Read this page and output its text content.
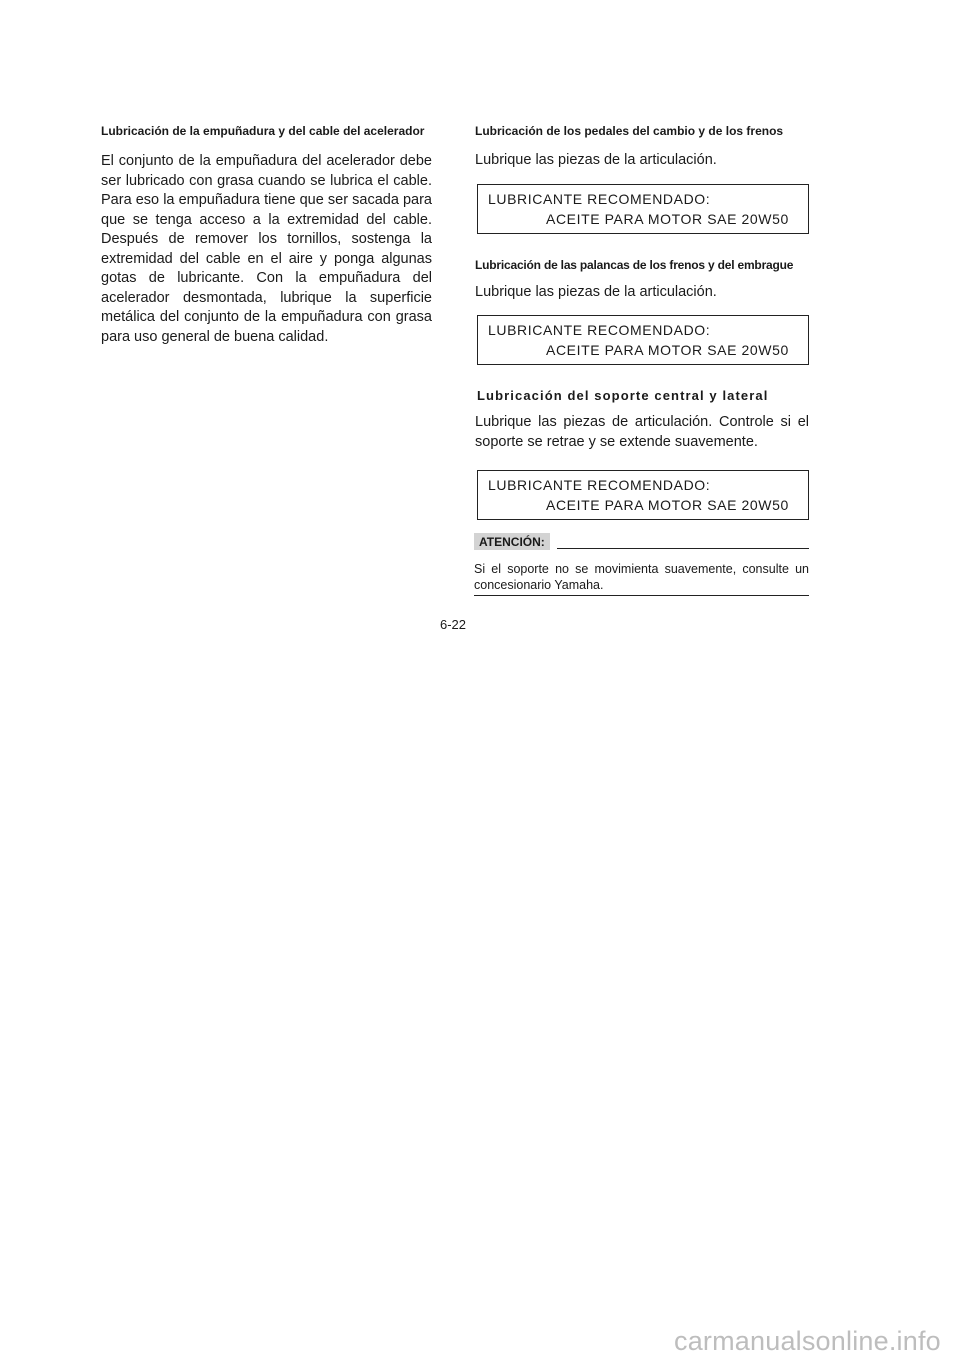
Lubricación de la empuñadura y del cable del acelerador
El conjunto de la empuñadura del acelerador debe ser lubricado con grasa cuando se lubrica el cable. Para eso la empuñadura tiene que ser sacada para que se tenga acceso a la extremidad del cable. Después de remover los tornillos, sostenga la extremidad del cable en el aire y ponga algunas gotas de lubricante. Con la empuñadura del acelerador desmontada, lubrique la superficie metálica del conjunto de la empuñadura con grasa para uso general de buena calidad.
Lubricación de los pedales del cambio y de los frenos
Lubrique las piezas de la articulación.
LUBRICANTE RECOMENDADO:
ACEITE PARA MOTOR SAE 20W50
Lubricación de las palancas de los frenos y del embrague
Lubrique las piezas de la articulación.
LUBRICANTE RECOMENDADO:
ACEITE PARA MOTOR SAE 20W50
Lubricación del soporte central y lateral
Lubrique las piezas de articulación. Controle si el soporte se retrae y se extende suavemente.
LUBRICANTE RECOMENDADO:
ACEITE PARA MOTOR SAE 20W50
ATENCIÓN:
Si el soporte no se movimienta suavemente, consulte un concesionario Yamaha.
6-22
carmanualsonline.info
